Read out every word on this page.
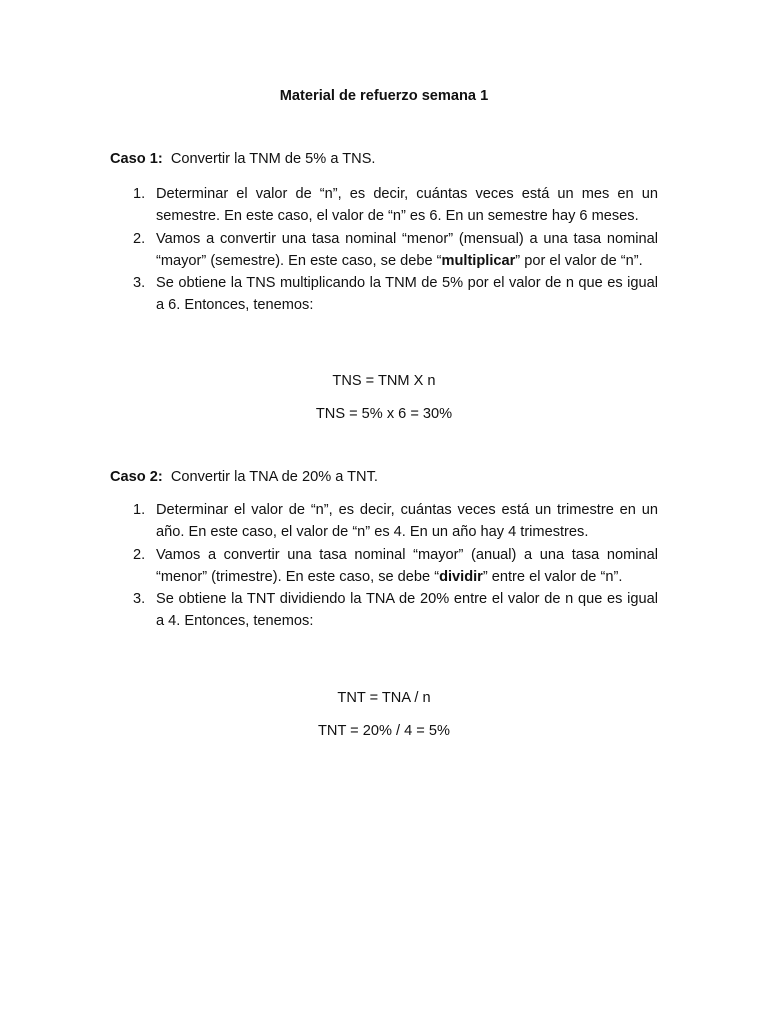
Material de refuerzo semana 1
Caso 1: Convertir la TNM de 5% a TNS.
1. Determinar el valor de “n”, es decir, cuántas veces está un mes en un semestre. En este caso, el valor de “n” es 6. En un semestre hay 6 meses.
2. Vamos a convertir una tasa nominal “menor” (mensual) a una tasa nominal “mayor” (semestre). En este caso, se debe “multiplicar” por el valor de “n”.
3. Se obtiene la TNS multiplicando la TNM de 5% por el valor de n que es igual a 6. Entonces, tenemos:
TNS = TNM X n
TNS = 5% x 6 = 30%
Caso 2: Convertir la TNA de 20% a TNT.
1. Determinar el valor de “n”, es decir, cuántas veces está un trimestre en un año. En este caso, el valor de “n” es 4. En un año hay 4 trimestres.
2. Vamos a convertir una tasa nominal “mayor” (anual) a una tasa nominal “menor” (trimestre). En este caso, se debe “dividir” entre el valor de “n”.
3. Se obtiene la TNT dividiendo la TNA de 20% entre el valor de n que es igual a 4. Entonces, tenemos:
TNT = TNA / n
TNT = 20% / 4 = 5%
